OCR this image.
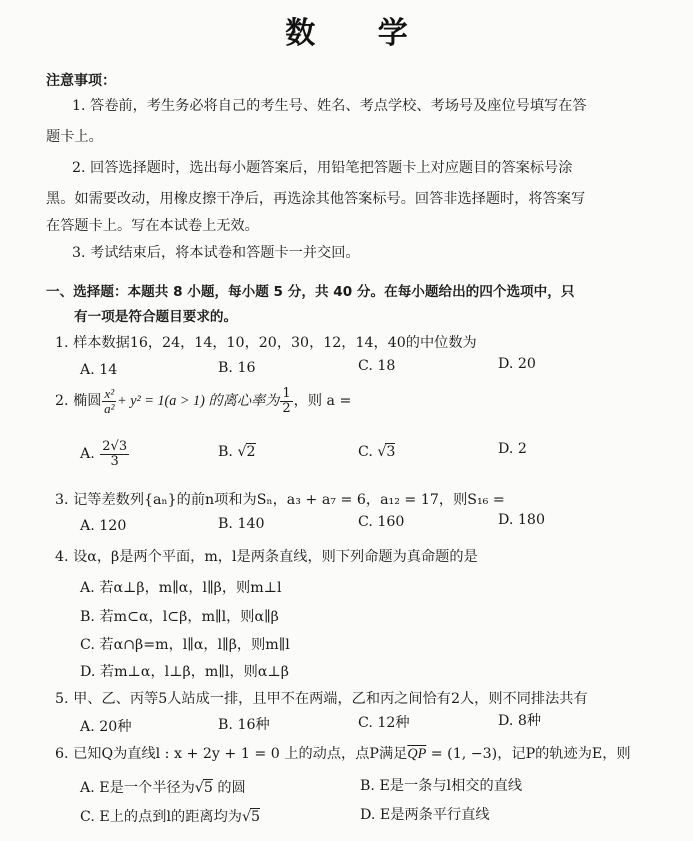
数 学
注意事项：
1. 答卷前，考生务必将自己的考生号、姓名、考点学校、考场号及座位号填写在答
题卡上。
2. 回答选择题时，选出每小题答案后，用铅笔把答题卡上对应题目的答案标号涂
黑。如需要改动，用橡皮擦干净后，再选涂其他答案标号。回答非选择题时，将答案写
在答题卡上。写在本试卷上无效。
3. 考试结束后，将本试卷和答题卡一并交回。
一、选择题：本题共 8 小题，每小题 5 分，共 40 分。在每小题给出的四个选项中，只
有一项是符合题目要求的。
1. 样本数据16，24，14，10，20，30，12，14，40的中位数为
A. 14	B. 16	C. 18	D. 20
2. 椭圆 $\frac{\text{x²}}{\text{a²}} + y^2 = 1(a > 1)$ 的离心率为 $\frac{1}{2}$ ，则 a =
A. $\frac{2√3}{3}$	B. √2	C. √3	D. 2
3. 记等差数列{aₙ}的前n项和为Sₙ，a₃ + a₇ = 6，a₁₂ = 17，则S₁₆ =
A. 120	B. 140	C. 160	D. 180
4. 设α，β是两个平面，m，l是两条直线，则下列命题为真命题的是
A. 若α⊥β，m∥α，l∥β，则m⊥l
B. 若m⊂α，l⊂β，m∥l，则α∥β
C. 若α∩β=m，l∥α，l∥β，则m∥l
D. 若m⊥α，l⊥β，m∥l，则α⊥β
5. 甲、乙、丙等5人站成一排，且甲不在两端，乙和丙之间恰有2人，则不同排法共有
A. 20种	B. 16种	C. 12种	D. 8种
6. 已知Q为直线l : x + 2y + 1 = 0 上的动点，点P满足$\overline{QP} = (1$, −3)，记P的轨迹为E，则
A. E是一个半径为√5 的圆	B. E是一条与l相交的直线
C. E上的点到l的距离均为√5	D. E是两条平行直线
